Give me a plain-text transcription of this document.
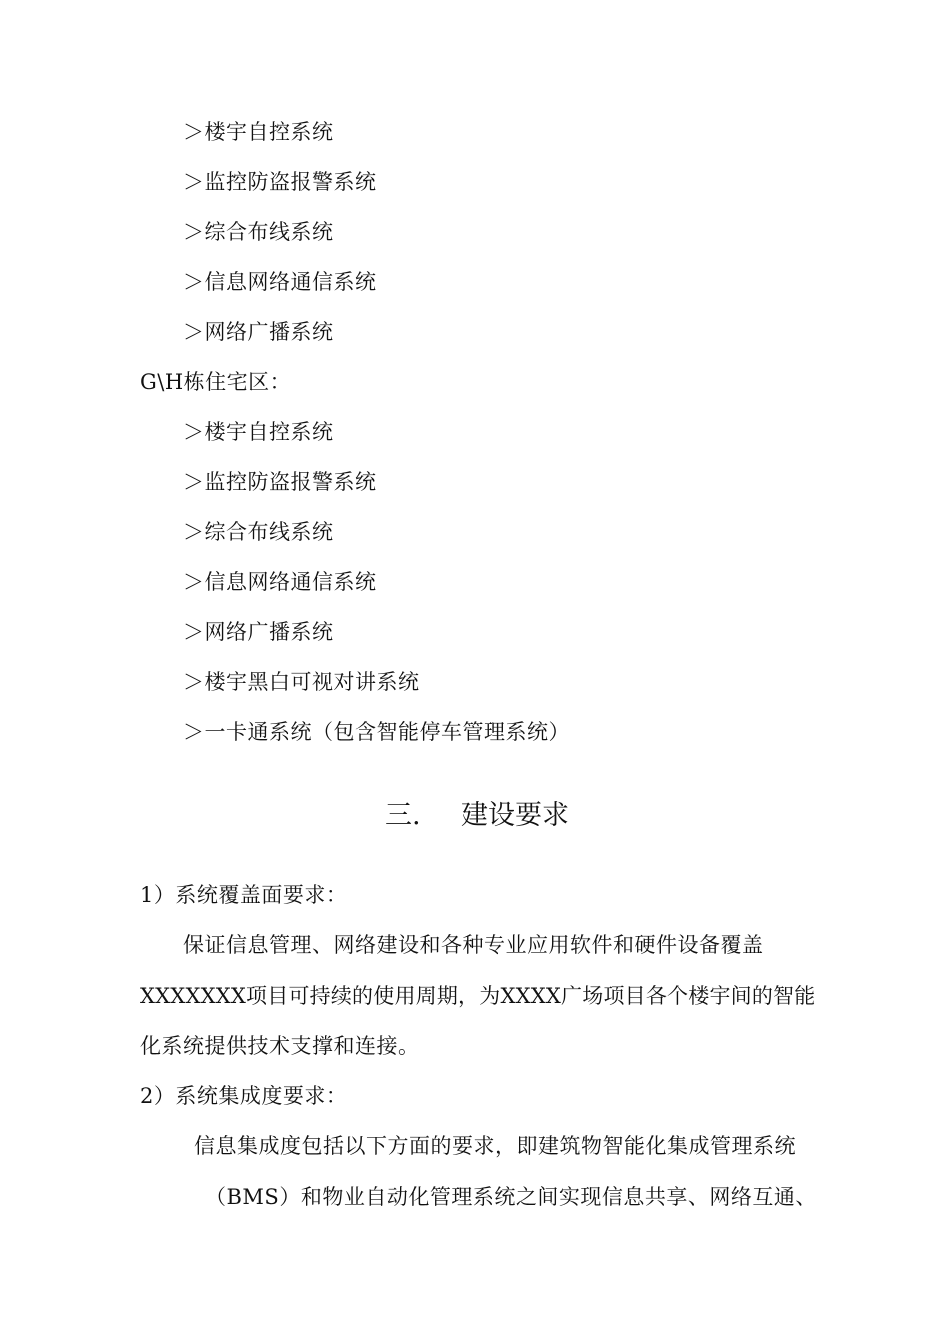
＞楼宇自控系统
＞监控防盗报警系统
＞综合布线系统
＞信息网络通信系统
＞网络广播系统
G\H栋住宅区：
＞楼宇自控系统
＞监控防盗报警系统
＞综合布线系统
＞信息网络通信系统
＞网络广播系统
＞楼宇黑白可视对讲系统
＞一卡通系统（包含智能停车管理系统）
三. 建设要求
1）系统覆盖面要求：
保证信息管理、网络建设和各种专业应用软件和硬件设备覆盖
XXXXXXX项目可持续的使用周期，为XXXX广场项目各个楼宇间的智能
化系统提供技术支撑和连接。
2）系统集成度要求：
信息集成度包括以下方面的要求，即建筑物智能化集成管理系统
（BMS）和物业自动化管理系统之间实现信息共享、网络互通、
